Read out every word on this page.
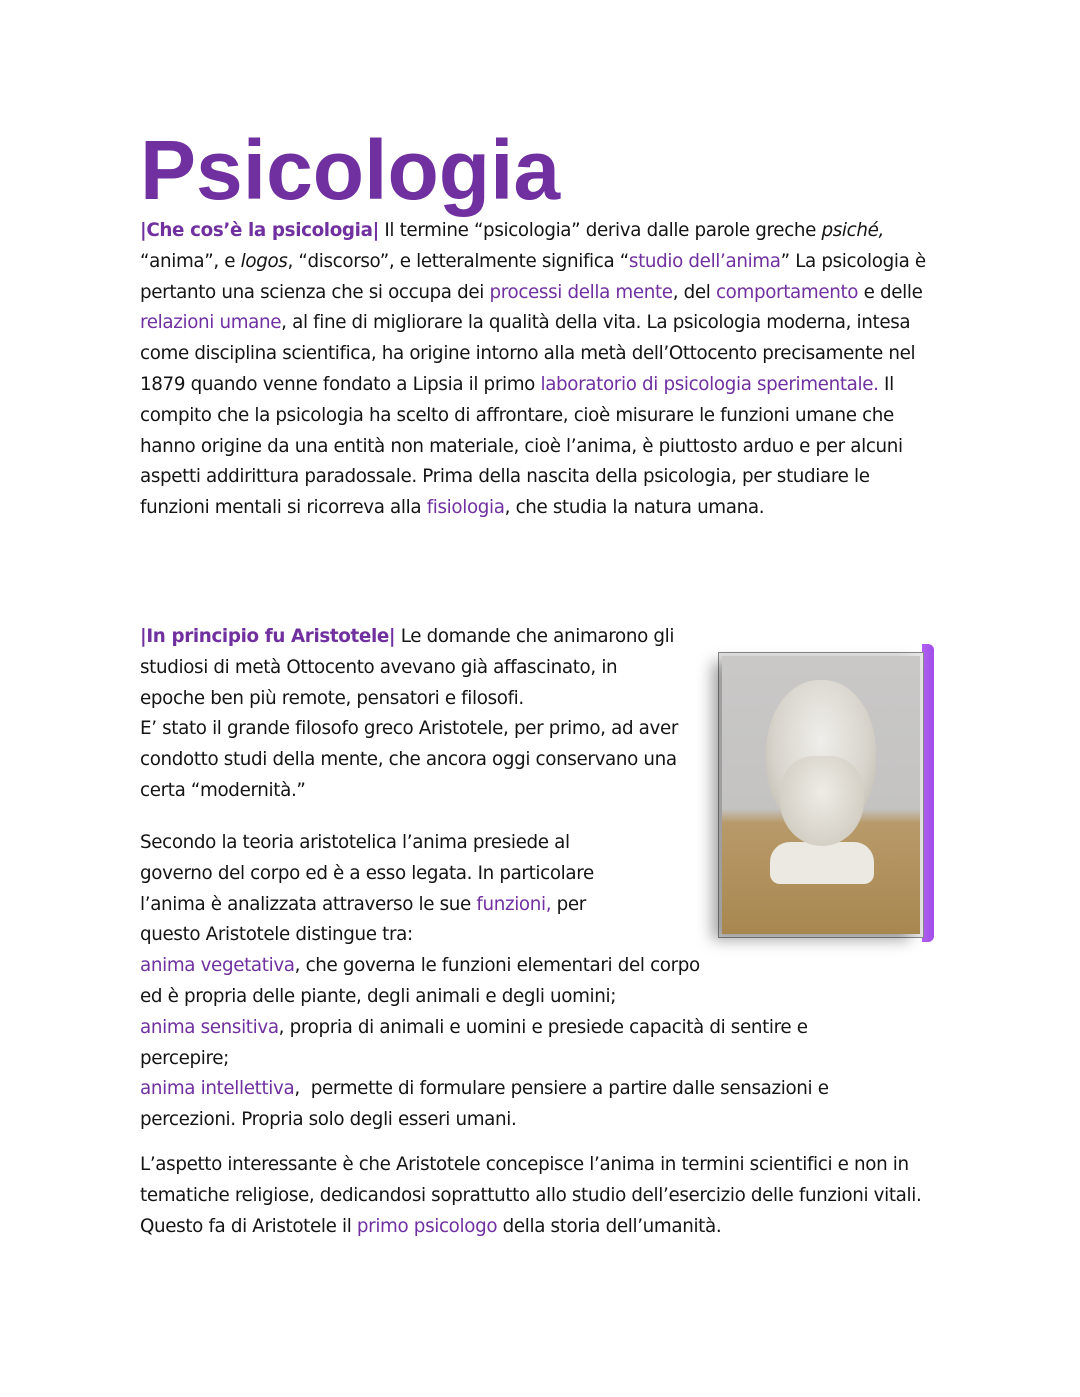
Psicologia

|Che cos’è la psicologia| Il termine “psicologia” deriva dalle parole greche psiché, “anima”, e logos, “discorso”, e letteralmente significa “studio dell’anima” La psicologia è pertanto una scienza che si occupa dei processi della mente, del comportamento e delle relazioni umane, al fine di migliorare la qualità della vita. La psicologia moderna, intesa come disciplina scientifica, ha origine intorno alla metà dell’Ottocento precisamente nel 1879 quando venne fondato a Lipsia il primo laboratorio di psicologia sperimentale. Il compito che la psicologia ha scelto di affrontare, cioè misurare le funzioni umane che hanno origine da una entità non materiale, cioè l’anima, è piuttosto arduo e per alcuni aspetti addirittura paradossale. Prima della nascita della psicologia, per studiare le funzioni mentali si ricorreva alla fisiologia, che studia la natura umana.

|In principio fu Aristotele| Le domande che animarono gli studiosi di metà Ottocento avevano già affascinato, in epoche ben più remote, pensatori e filosofi.
E’ stato il grande filosofo greco Aristotele, per primo, ad aver condotto studi della mente, che ancora oggi conservano una certa “modernità.”

Secondo la teoria aristotelica l’anima presiede al governo del corpo ed è a esso legata. In particolare l’anima è analizzata attraverso le sue funzioni, per questo Aristotele distingue tra:
anima vegetativa, che governa le funzioni elementari del corpo ed è propria delle piante, degli animali e degli uomini;
anima sensitiva, propria di animali e uomini e presiede capacità di sentire e percepire;
anima intellettiva,  permette di formulare pensiere a partire dalle sensazioni e percezioni. Propria solo degli esseri umani.

L’aspetto interessante è che Aristotele concepisce l’anima in termini scientifici e non in tematiche religiose, dedicandosi soprattutto allo studio dell’esercizio delle funzioni vitali. Questo fa di Aristotele il primo psicologo della storia dell’umanità.
